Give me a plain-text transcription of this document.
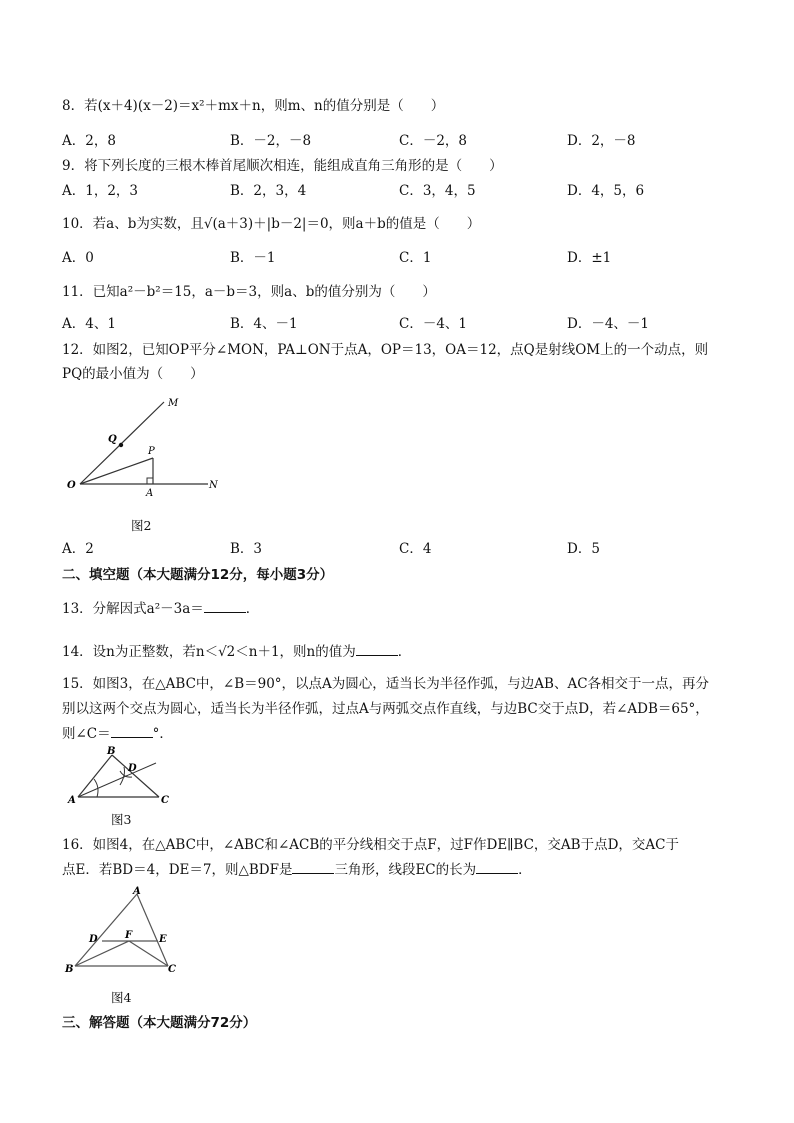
8．若(x＋4)(x－2)＝x²＋mx＋n，则m、n的值分别是（　　）
A．2，8	B．－2，－8	C．－2，8	D．2，－8
9．将下列长度的三根木棒首尾顺次相连，能组成直角三角形的是（　　）
A．1，2，3	B．2，3，4	C．3，4，5	D．4，5，6
10．若a、b为实数，且√(a＋3)＋|b－2|＝0，则a＋b的值是（　　）
A．0	B．－1	C．1	D．±1
11．已知a²－b²＝15，a－b＝3，则a、b的值分别为（　　）
A．4、1	B．4、－1	C．－4、1	D．－4、－1
12．如图2，已知OP平分∠MON，PA⊥ON于点A，OP＝13，OA＝12，点Q是射线OM上的一个动点，则
PQ的最小值为（　　）
M
Q
P
O
A
N
图2
A．2	B．3	C．4	D．5
二、填空题（本大题满分12分，每小题3分）
13．分解因式a²－3a＝	．
14．设n为正整数，若n＜√2＜n＋1，则n的值为	．
15．如图3，在△ABC中，∠B＝90°，以点A为圆心，适当长为半径作弧，与边AB、AC各相交于一点，再分
别以这两个交点为圆心，适当长为半径作弧，过点A与两弧交点作直线，与边BC交于点D，若∠ADB＝65°，
则∠C＝	°．
B
A	C
D
图3
16．如图4，在△ABC中，∠ABC和∠ACB的平分线相交于点F，过F作DE∥BC，交AB于点D，交AC于
点E．若BD＝4，DE＝7，则△BDF是	三角形，线段EC的长为	．
A
D	E
F
B	C
图4
三、解答题（本大题满分72分）
